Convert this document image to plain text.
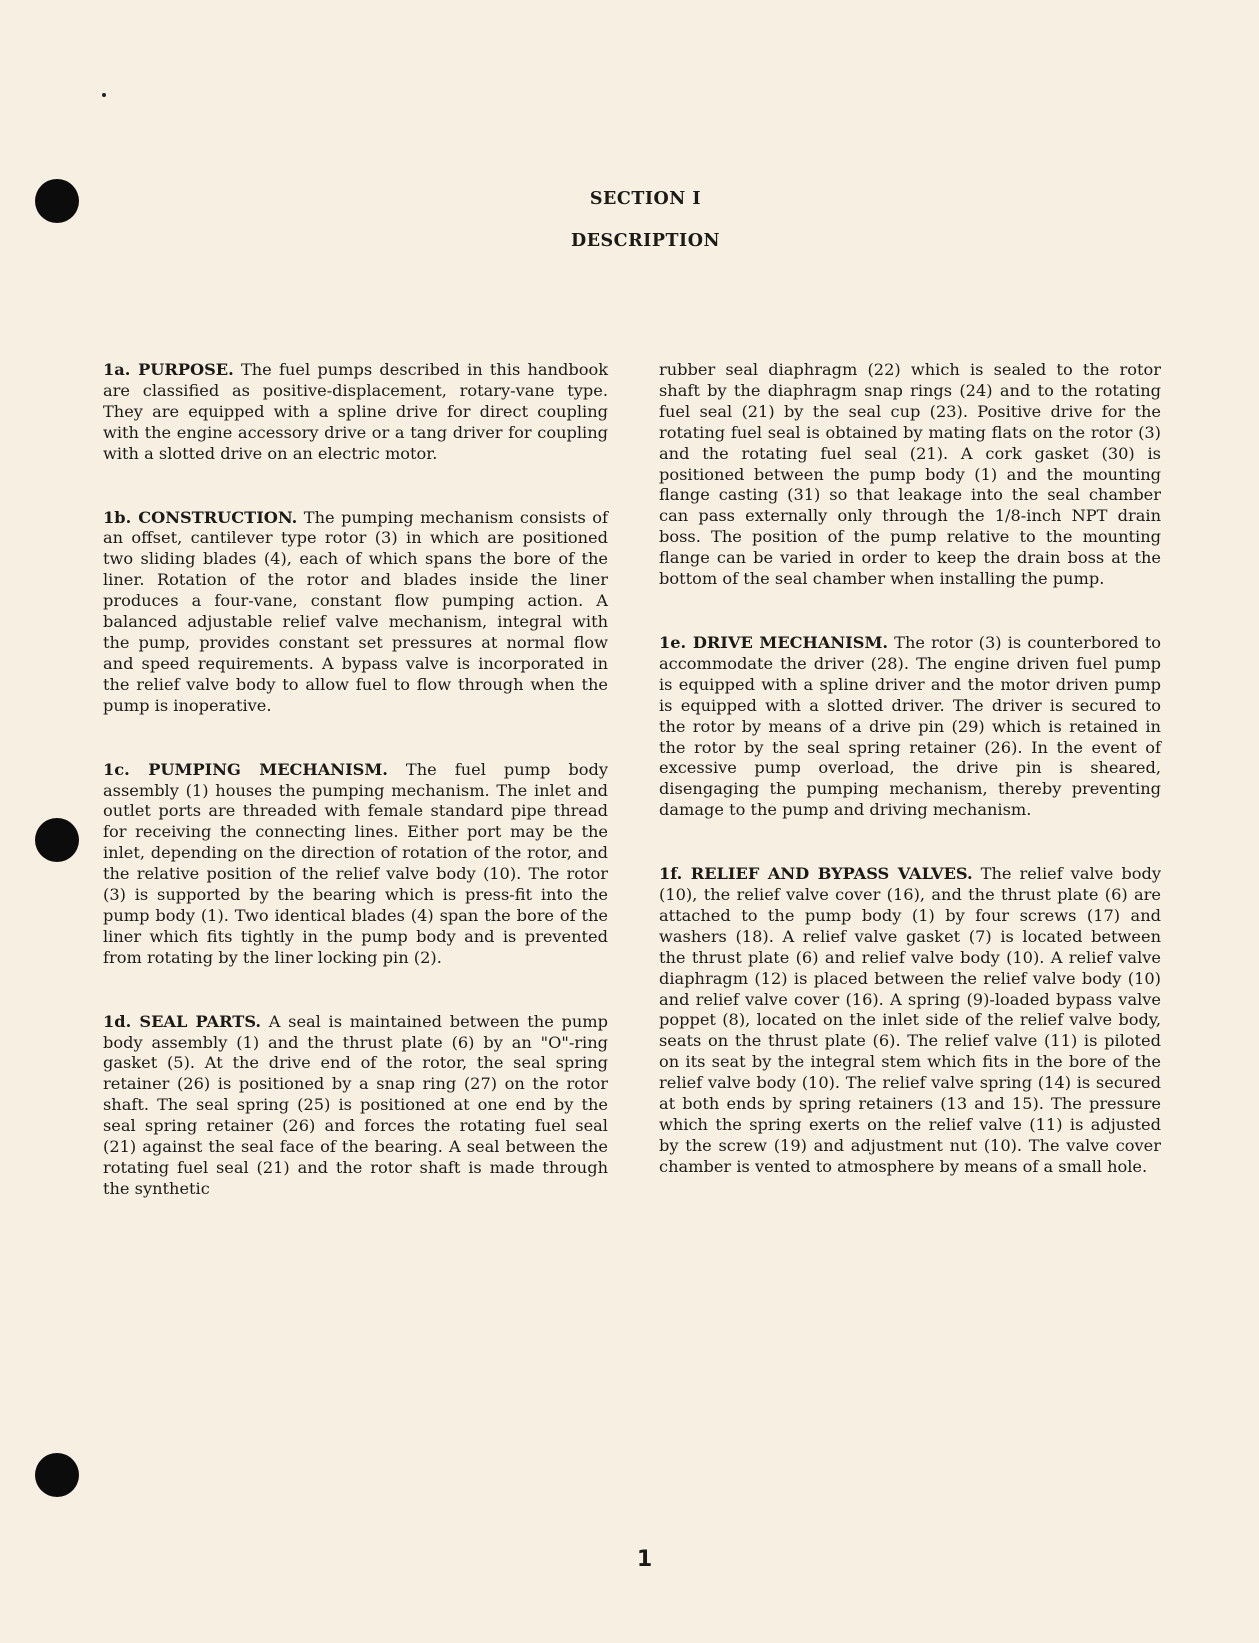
SECTION I
DESCRIPTION

1a. PURPOSE. The fuel pumps described in this handbook are classified as positive-displacement, rotary-vane type. They are equipped with a spline drive for direct coupling with the engine accessory drive or a tang driver for coupling with a slotted drive on an electric motor.

1b. CONSTRUCTION. The pumping mechanism consists of an offset, cantilever type rotor (3) in which are positioned two sliding blades (4), each of which spans the bore of the liner. Rotation of the rotor and blades inside the liner produces a four-vane, constant flow pumping action. A balanced adjustable relief valve mechanism, integral with the pump, provides constant set pressures at normal flow and speed requirements. A bypass valve is incorporated in the relief valve body to allow fuel to flow through when the pump is inoperative.

1c. PUMPING MECHANISM. The fuel pump body assembly (1) houses the pumping mechanism. The inlet and outlet ports are threaded with female standard pipe thread for receiving the connecting lines. Either port may be the inlet, depending on the direction of rotation of the rotor, and the relative position of the relief valve body (10). The rotor (3) is supported by the bearing which is press-fit into the pump body (1). Two identical blades (4) span the bore of the liner which fits tightly in the pump body and is prevented from rotating by the liner locking pin (2).

1d. SEAL PARTS. A seal is maintained between the pump body assembly (1) and the thrust plate (6) by an "O"-ring gasket (5). At the drive end of the rotor, the seal spring retainer (26) is positioned by a snap ring (27) on the rotor shaft. The seal spring (25) is positioned at one end by the seal spring retainer (26) and forces the rotating fuel seal (21) against the seal face of the bearing. A seal between the rotating fuel seal (21) and the rotor shaft is made through the synthetic

rubber seal diaphragm (22) which is sealed to the rotor shaft by the diaphragm snap rings (24) and to the rotating fuel seal (21) by the seal cup (23). Positive drive for the rotating fuel seal is obtained by mating flats on the rotor (3) and the rotating fuel seal (21). A cork gasket (30) is positioned between the pump body (1) and the mounting flange casting (31) so that leakage into the seal chamber can pass externally only through the 1/8-inch NPT drain boss. The position of the pump relative to the mounting flange can be varied in order to keep the drain boss at the bottom of the seal chamber when installing the pump.

1e. DRIVE MECHANISM. The rotor (3) is counterbored to accommodate the driver (28). The engine driven fuel pump is equipped with a spline driver and the motor driven pump is equipped with a slotted driver. The driver is secured to the rotor by means of a drive pin (29) which is retained in the rotor by the seal spring retainer (26). In the event of excessive pump overload, the drive pin is sheared, disengaging the pumping mechanism, thereby preventing damage to the pump and driving mechanism.

1f. RELIEF AND BYPASS VALVES. The relief valve body (10), the relief valve cover (16), and the thrust plate (6) are attached to the pump body (1) by four screws (17) and washers (18). A relief valve gasket (7) is located between the thrust plate (6) and relief valve body (10). A relief valve diaphragm (12) is placed between the relief valve body (10) and relief valve cover (16). A spring (9)-loaded bypass valve poppet (8), located on the inlet side of the relief valve body, seats on the thrust plate (6). The relief valve (11) is piloted on its seat by the integral stem which fits in the bore of the relief valve body (10). The relief valve spring (14) is secured at both ends by spring retainers (13 and 15). The pressure which the spring exerts on the relief valve (11) is adjusted by the screw (19) and adjustment nut (10). The valve cover chamber is vented to atmosphere by means of a small hole.

1
